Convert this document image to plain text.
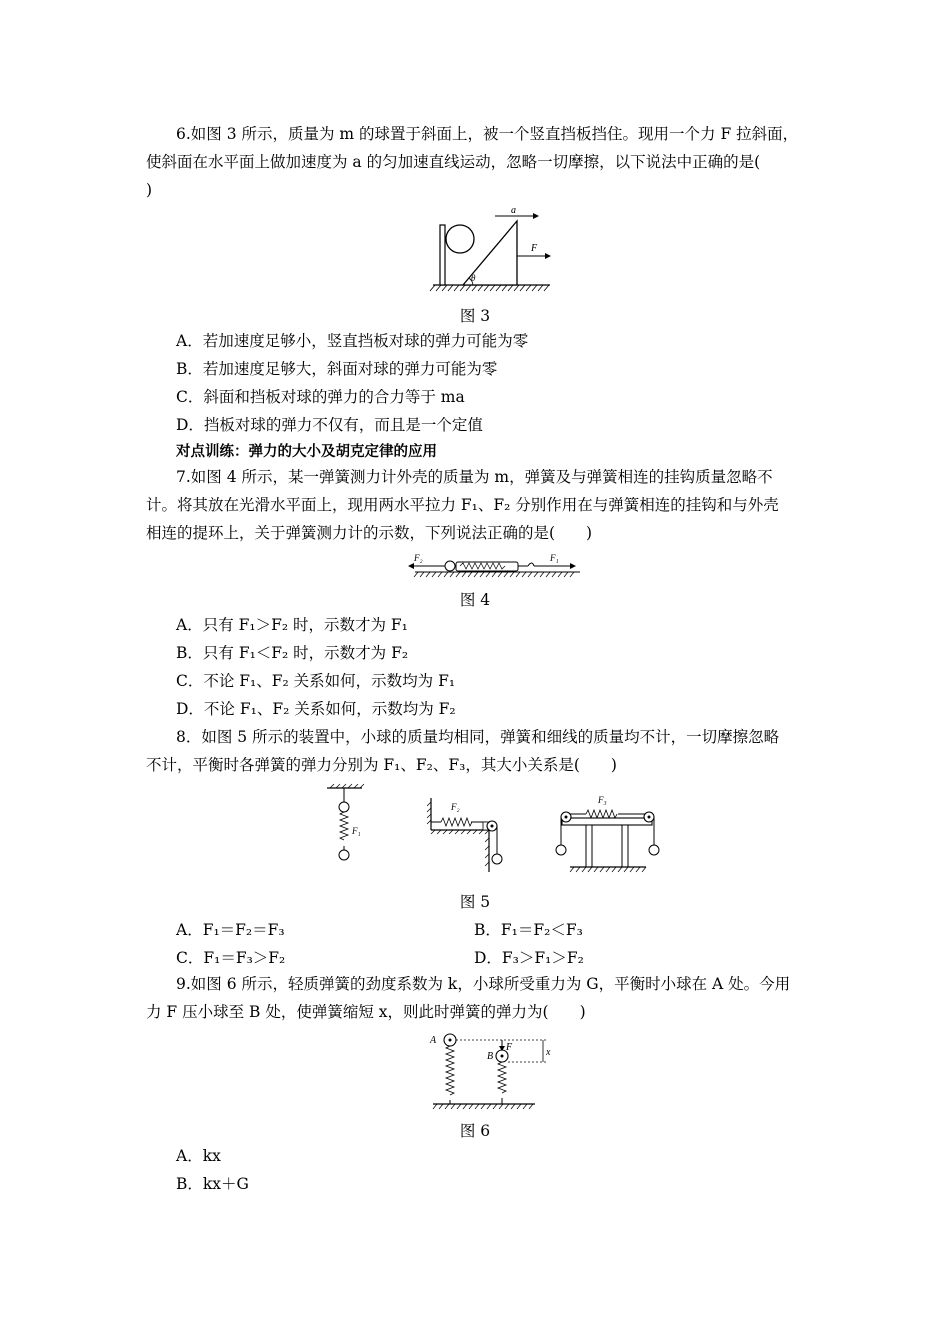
6.如图 3 所示，质量为 m 的球置于斜面上，被一个竖直挡板挡住。现用一个力 F 拉斜面，
使斜面在水平面上做加速度为 a 的匀加速直线运动，忽略一切摩擦，以下说法中正确的是(
)
θ
a
F
图 3
A．若加速度足够小，竖直挡板对球的弹力可能为零
B．若加速度足够大，斜面对球的弹力可能为零
C．斜面和挡板对球的弹力的合力等于 ma
D．挡板对球的弹力不仅有，而且是一个定值
对点训练：弹力的大小及胡克定律的应用
7.如图 4 所示，某一弹簧测力计外壳的质量为 m，弹簧及与弹簧相连的挂钩质量忽略不
计。将其放在光滑水平面上，现用两水平拉力 F₁、F₂ 分别作用在与弹簧相连的挂钩和与外壳
相连的提环上，关于弹簧测力计的示数，下列说法正确的是(　　)
F₂	F₁
图 4
A．只有 F₁＞F₂ 时，示数才为 F₁
B．只有 F₁＜F₂ 时，示数才为 F₂
C．不论 F₁、F₂ 关系如何，示数均为 F₁
D．不论 F₁、F₂ 关系如何，示数均为 F₂
8．如图 5 所示的装置中，小球的质量均相同，弹簧和细线的质量均不计，一切摩擦忽略
不计，平衡时各弹簧的弹力分别为 F₁、F₂、F₃，其大小关系是(　　)
F₁
F₂
F₃
图 5
A．F₁＝F₂＝F₃	B．F₁＝F₂＜F₃
C．F₁＝F₃＞F₂	D．F₃＞F₁＞F₂
9.如图 6 所示，轻质弹簧的劲度系数为 k，小球所受重力为 G，平衡时小球在 A 处。今用
力 F 压小球至 B 处，使弹簧缩短 x，则此时弹簧的弹力为(　　)
A
B
F	x
图 6
A．kx
B．kx＋G
